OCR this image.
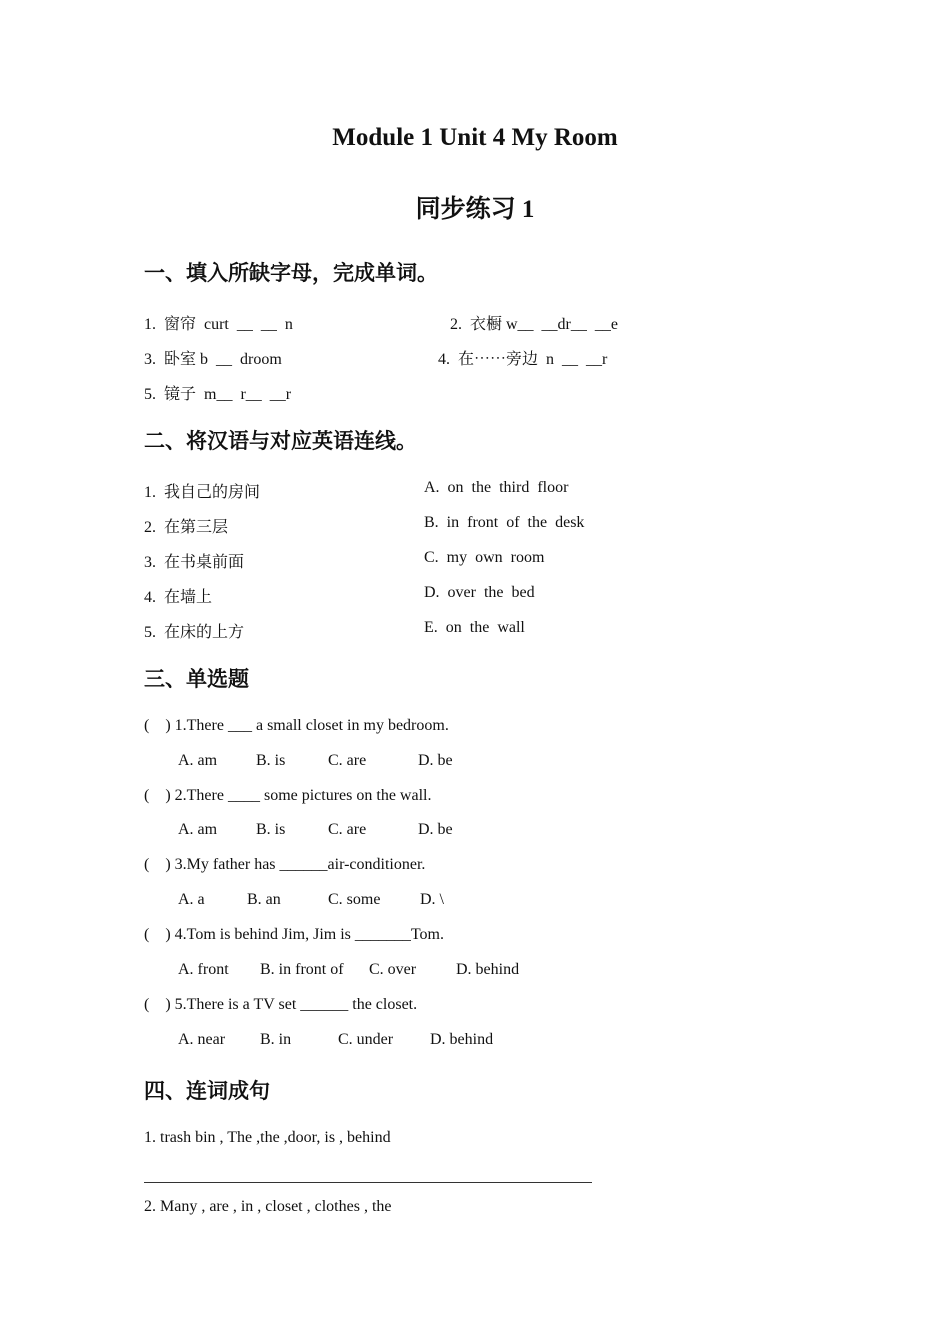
Module 1 Unit 4 My Room
同步练习 1
一、填入所缺字母，完成单词。
1.  窗帘  curt  __  __  n	2.  衣橱 w__  __dr__  __e
3.  卧室 b  __  droom	4.  在⋯⋯旁边  n  __  __r
5.  镜子  m__  r__  __r
二、将汉语与对应英语连线。
1.  我自己的房间	A.  on  the  third  floor
2.  在第三层	B.  in  front  of  the  desk
3.  在书桌前面	C.  my  own  room
4.  在墙上	D.  over  the  bed
5.  在床的上方	E.  on  the  wall
三、单选题
(    ) 1.There ___ a small closet in my bedroom.
A. am B. is	C. are	D. be
(    ) 2.There ____ some pictures on the wall.
A. am B. is	C. are	D. be
(    ) 3.My father has ______air-conditioner.
A. a	B. an	C. some D. \
(    ) 4.Tom is behind Jim, Jim is _______Tom.
A. front B. in front of C. over D. behind
(    ) 5.There is a TV set ______ the closet.
A. near B. in	C. under D. behind
四、连词成句
1. trash bin , The ,the ,door, is , behind
2. Many , are , in , closet , clothes , the
